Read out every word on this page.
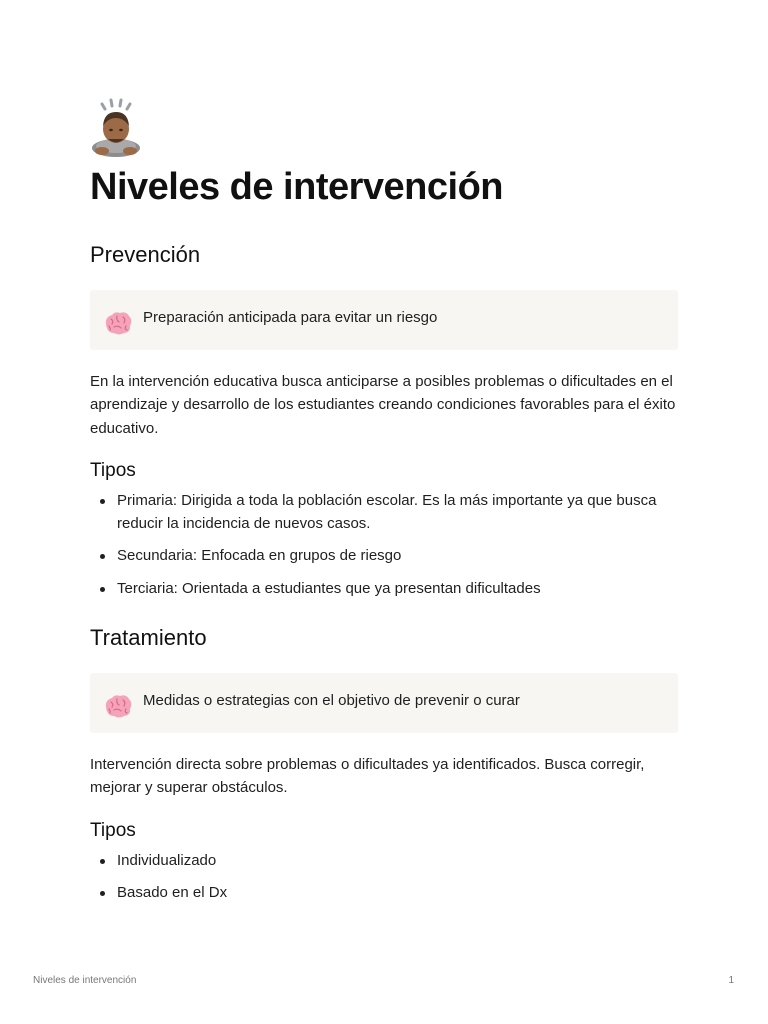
Niveles de intervención
Prevención
Preparación anticipada para evitar un riesgo

En la intervención educativa busca anticiparse a posibles problemas o dificultades en el aprendizaje y desarrollo de los estudiantes creando condiciones favorables para el éxito educativo.

Tipos
Primaria: Dirigida a toda la población escolar. Es la más importante ya que busca reducir la incidencia de nuevos casos.
Secundaria: Enfocada en grupos de riesgo
Terciaria: Orientada a estudiantes que ya presentan dificultades
Tratamiento
Medidas o estrategias con el objetivo de prevenir o curar

Intervención directa sobre problemas o dificultades ya identificados. Busca corregir, mejorar y superar obstáculos.

Tipos
Individualizado
Basado en el Dx
Niveles de intervención	1
